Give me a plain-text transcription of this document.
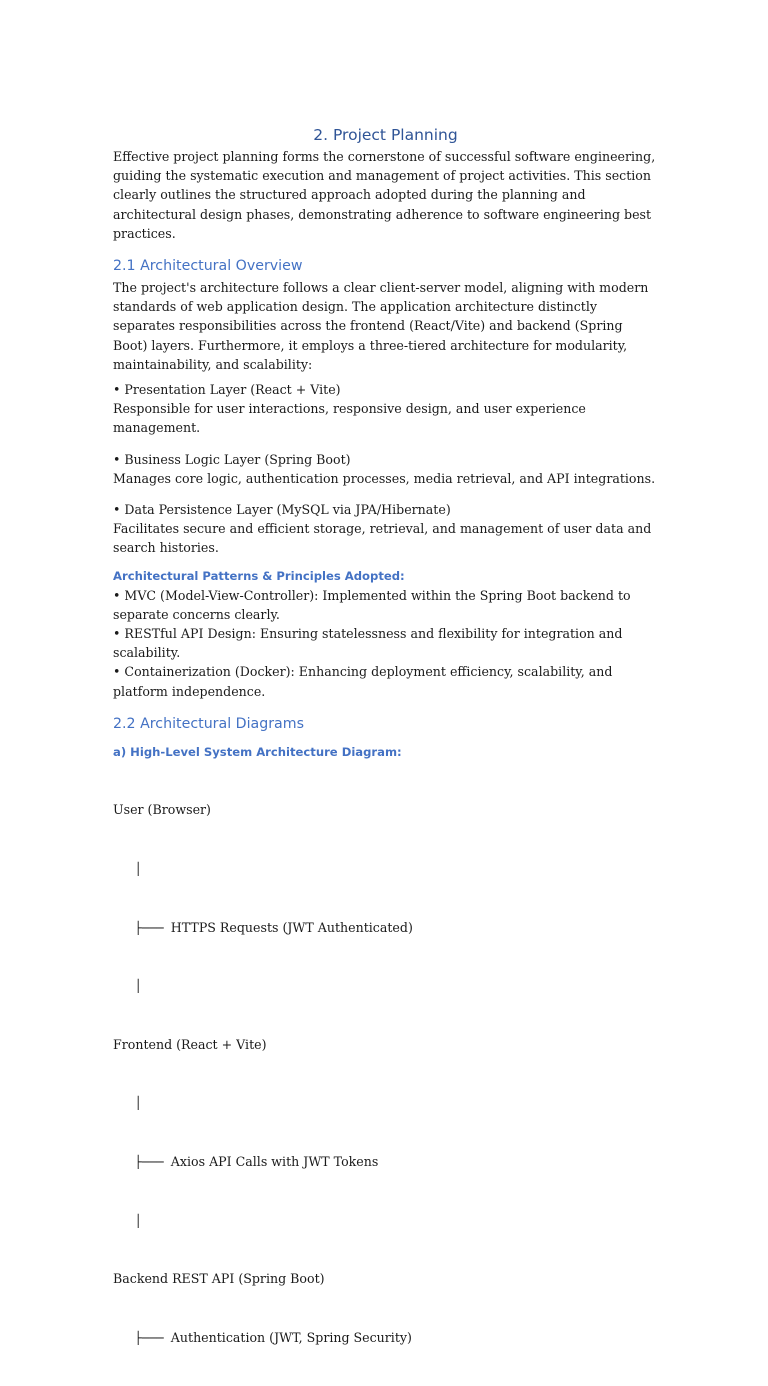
2. Project Planning

Effective project planning forms the cornerstone of successful software engineering, guiding the systematic execution and management of project activities. This section clearly outlines the structured approach adopted during the planning and architectural design phases, demonstrating adherence to software engineering best practices.

2.1 Architectural Overview

The project's architecture follows a clear client-server model, aligning with modern standards of web application design. The application architecture distinctly separates responsibilities across the frontend (React/Vite) and backend (Spring Boot) layers. Furthermore, it employs a three-tiered architecture for modularity, maintainability, and scalability:

• Presentation Layer (React + Vite)

Responsible for user interactions, responsive design, and user experience management.

• Business Logic Layer (Spring Boot)

Manages core logic, authentication processes, media retrieval, and API integrations.

• Data Persistence Layer (MySQL via JPA/Hibernate)

Facilitates secure and efficient storage, retrieval, and management of user data and search histories.

Architectural Patterns & Principles Adopted:

• MVC (Model-View-Controller): Implemented within the Spring Boot backend to separate concerns clearly.

• RESTful API Design: Ensuring statelessness and flexibility for integration and scalability.

• Containerization (Docker): Enhancing deployment efficiency, scalability, and platform independence.

2.2 Architectural Diagrams
a) High-Level System Architecture Diagram:

User (Browser)

│

├─── HTTPS Requests (JWT Authenticated)

│

Frontend (React + Vite)

│

├─── Axios API Calls with JWT Tokens

│

Backend REST API (Spring Boot)

├─── Authentication (JWT, Spring Security)
